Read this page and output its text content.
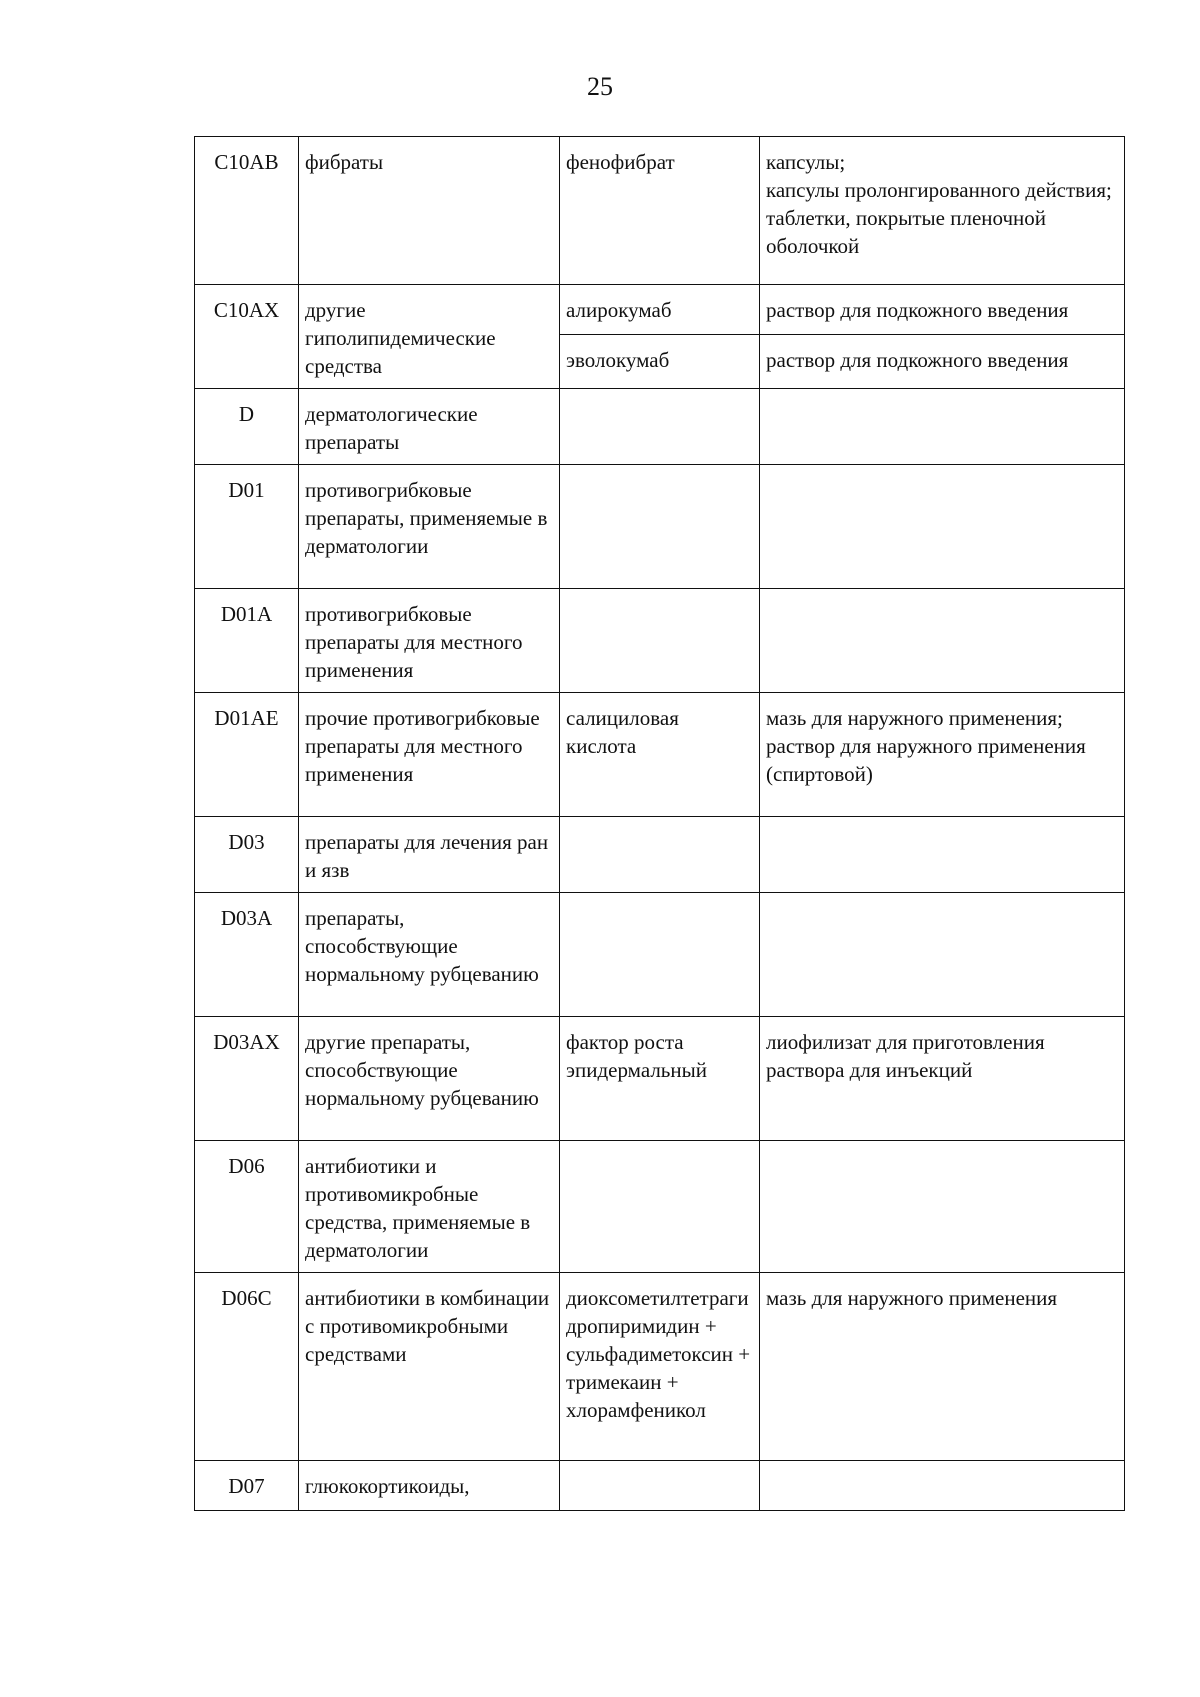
25
C10AB	фибраты	фенофибрат	капсулы;
капсулы пролонгированного действия;
таблетки, покрытые пленочной оболочкой

C10AX	другие гиполипидемические средства	алирокумаб	раствор для подкожного введения
		эволокумаб	раствор для подкожного введения
D	дерматологические препараты		
D01	противогрибковые препараты, применяемые в дерматологии		
D01A	противогрибковые препараты для местного применения		
D01AE	прочие противогрибковые препараты для местного применения	салициловая кислота	мазь для наружного применения;
раствор для наружного применения (спиртовой)

D03	препараты для лечения ран и язв		
D03A	препараты, способствующие нормальному рубцеванию		
D03AX	другие препараты, способствующие нормальному рубцеванию	фактор роста эпидермальный	лиофилизат для приготовления раствора для инъекций
D06	антибиотики и противомикробные средства, применяемые в дерматологии		
D06C	антибиотики в комбинации с противомикробными средствами	диоксометилтетрагидропиримидин + сульфадиметоксин + тримекаин + хлорамфеникол	мазь для наружного применения
D07	глюкокортикоиды,		
